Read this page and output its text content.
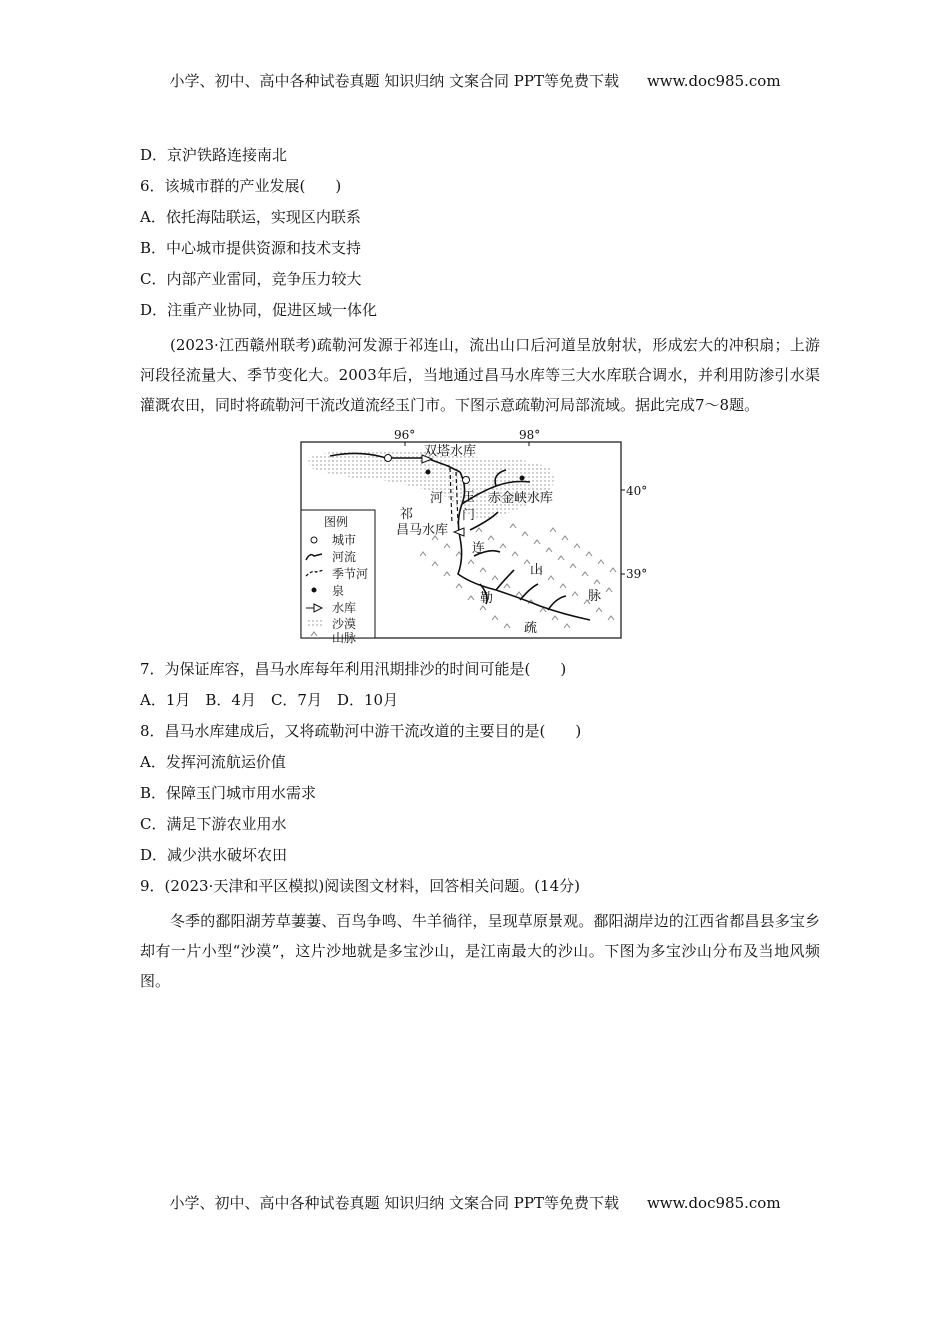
小学、初中、高中各种试卷真题 知识归纳 文案合同 PPT等免费下载 www.doc985.com
D．京沪铁路连接南北
6．该城市群的产业发展(　　)
A．依托海陆联运，实现区内联系
B．中心城市提供资源和技术支持
C．内部产业雷同，竞争压力较大
D．注重产业协同，促进区域一体化
(2023·江西赣州联考)疏勒河发源于祁连山，流出山口后河道呈放射状，形成宏大的冲积扇；上游河段径流量大、季节变化大。2003年后，当地通过昌马水库等三大水库联合调水，并利用防渗引水渠灌溉农田，同时将疏勒河干流改道流经玉门市。下图示意疏勒河局部流域。据此完成7～8题。
96°	98°
40°
39°
双塔水库
赤金峡水库
昌马水库
玉
门
祁
河
连
山
脉
勒
疏
图例
城市
河流
季节河
泉
水库
沙漠
山脉
7．为保证库容，昌马水库每年利用汛期排沙的时间可能是(　　)
A．1月　B．4月　C．7月　D．10月
8．昌马水库建成后，又将疏勒河中游干流改道的主要目的是(　　)
A．发挥河流航运价值
B．保障玉门城市用水需求
C．满足下游农业用水
D．减少洪水破坏农田
9．(2023·天津和平区模拟)阅读图文材料，回答相关问题。(14分)
冬季的鄱阳湖芳草萋萋、百鸟争鸣、牛羊徜徉，呈现草原景观。鄱阳湖岸边的江西省都昌县多宝乡却有一片小型“沙漠”，这片沙地就是多宝沙山，是江南最大的沙山。下图为多宝沙山分布及当地风频图。
小学、初中、高中各种试卷真题 知识归纳 文案合同 PPT等免费下载 www.doc985.com
